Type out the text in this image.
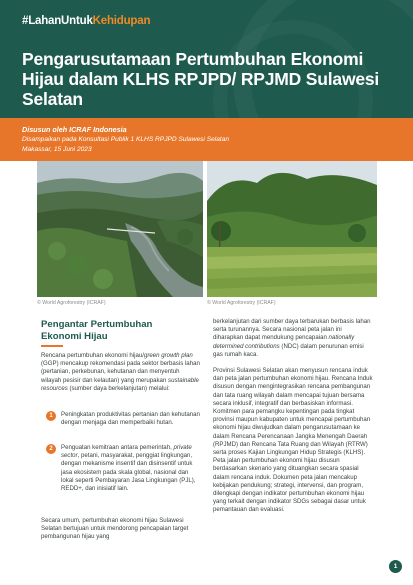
#LahanUntukKehidupan
Pengarusutamaan Pertumbuhan Ekonomi Hijau dalam KLHS RPJPD/ RPJMD Sulawesi Selatan
Disusun oleh ICRAF Indonesia
Disampaikan pada Konsultasi Publik 1 KLHS RPJPD Sulawesi Selatan
Makassar, 15 Juni 2023
© World Agroforestry (ICRAF)	© World Agroforestry (ICRAF)
Pengantar Pertumbuhan Ekonomi Hijau
Rencana pertumbuhan ekonomi hijau/green growth plan (GGP) mencakup rekomendasi pada sektor berbasis lahan (pertanian, perkebunan, kehutanan dan menyentuh wilayah pesisir dan kelautan) yang merupakan sustainable resources (sumber daya berkelanjutan) melalui:
1	Peningkatan produktivitas pertanian dan kehutanan dengan menjaga dan memperbaiki hutan.
2	Penguatan kemitraan antara pemerintah, private sector, petani, masyarakat, penggiat lingkungan, dengan mekanisme insentif dan disinsentif untuk jasa ekosistem pada skala global, nasional dan lokal seperti Pembayaran Jasa Lingkungan (PJL), REDD+, dan inisiatif lain.
Secara umum, pertumbuhan ekonomi hijau Sulawesi Selatan bertujuan untuk mendorong pencapaian target pembangunan hijau yang
berkelanjutan dari sumber daya terbarukan berbasis lahan serta turunannya. Secara nasional peta jalan ini diharapkan dapat mendukung pencapaian nationally determined contributions (NDC) dalam penurunan emisi gas rumah kaca.
Provinsi Sulawesi Selatan akan menyusun rencana induk dan peta jalan pertumbuhan ekonomi hijau. Rencana Induk disusun dengan mengintegrasikan rencana pembangunan dan tata ruang wilayah dalam mencapai tujuan bersama secara inklusif, integratif dan berbasiskan informasi. Komitmen para pemangku kepentingan pada tingkat provinsi maupun kabupaten untuk mencapai pertumbuhan ekonomi hijau diwujudkan dalam pengarusutamaan ke dalam Rencana Perencanaan Jangka Menengah Daerah (RPJMD) dan Rencana Tata Ruang dan Wilayah (RTRW) serta proses Kajian Lingkungan Hidup Strategis (KLHS). Peta jalan pertumbuhan ekonomi hijau disusun berdasarkan skenario yang dituangkan secara spasial dalam rencana induk. Dokumen peta jalan mencakup kebijakan pendukung; strategi, intervensi, dan program, dilengkapi dengan indikator pertumbuhan ekonomi hijau yang terkait dengan indikator SDGs sebagai dasar untuk pemantauan dan evaluasi.
1
